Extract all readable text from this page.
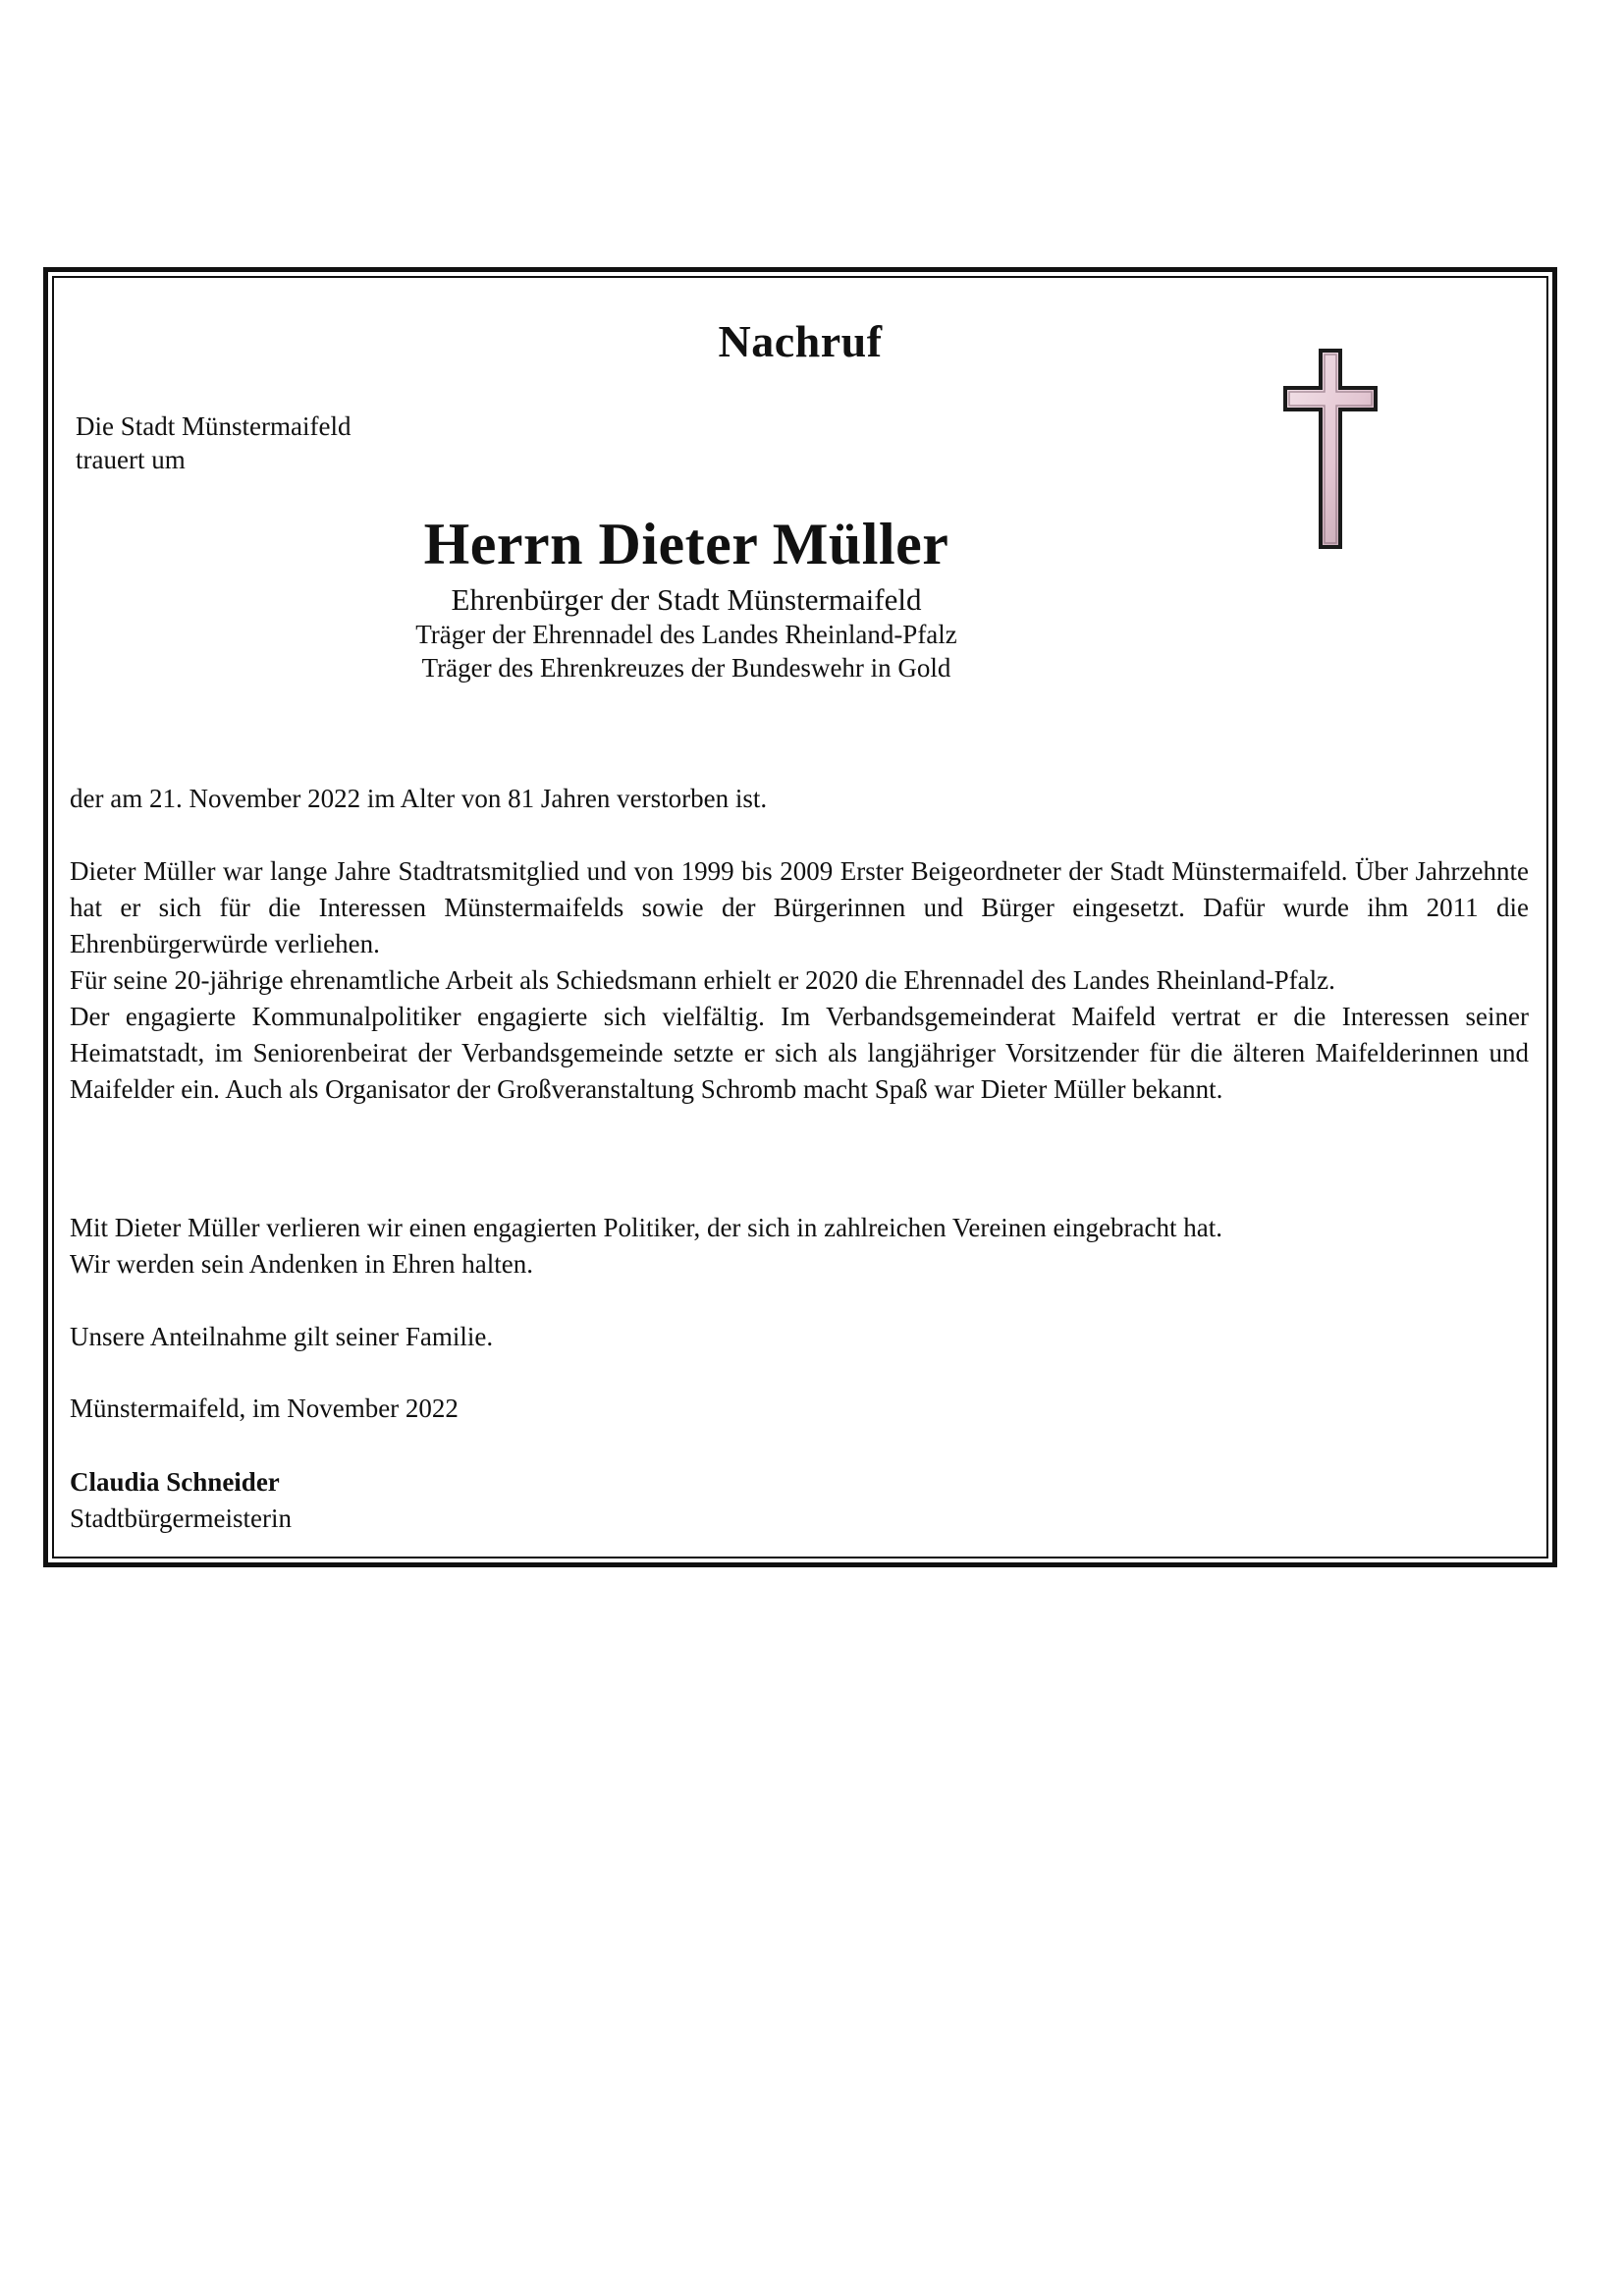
Nachruf
Die Stadt Münstermaifeld
trauert um
Herrn Dieter Müller
Ehrenbürger der Stadt Münstermaifeld
Träger der Ehrennadel des Landes Rheinland-Pfalz
Träger des Ehrenkreuzes der Bundeswehr in Gold

der am 21. November 2022 im Alter von 81 Jahren verstorben ist.

Dieter Müller war lange Jahre Stadtratsmitglied und von 1999 bis 2009 Erster Beigeordneter der Stadt Münstermaifeld. Über Jahrzehnte hat er sich für die Interessen Münstermaifelds sowie der Bürgerinnen und Bürger eingesetzt. Dafür wurde ihm 2011 die Ehrenbürgerwürde verliehen.

Für seine 20-jährige ehrenamtliche Arbeit als Schiedsmann erhielt er 2020 die Ehrennadel des Landes Rheinland-Pfalz.

Der engagierte Kommunalpolitiker engagierte sich vielfältig. Im Verbandsgemeinderat Maifeld vertrat er die Interessen seiner Heimatstadt, im Seniorenbeirat der Verbandsgemeinde setzte er sich als langjähriger Vorsitzender für die älteren Maifelderinnen und Maifelder ein. Auch als Organisator der Großveranstaltung Schromb macht Spaß war Dieter Müller bekannt.

Mit Dieter Müller verlieren wir einen engagierten Politiker, der sich in zahlreichen Vereinen eingebracht hat.

Wir werden sein Andenken in Ehren halten.

Unsere Anteilnahme gilt seiner Familie.

Münstermaifeld, im November 2022

Claudia Schneider
Stadtbürgermeisterin
